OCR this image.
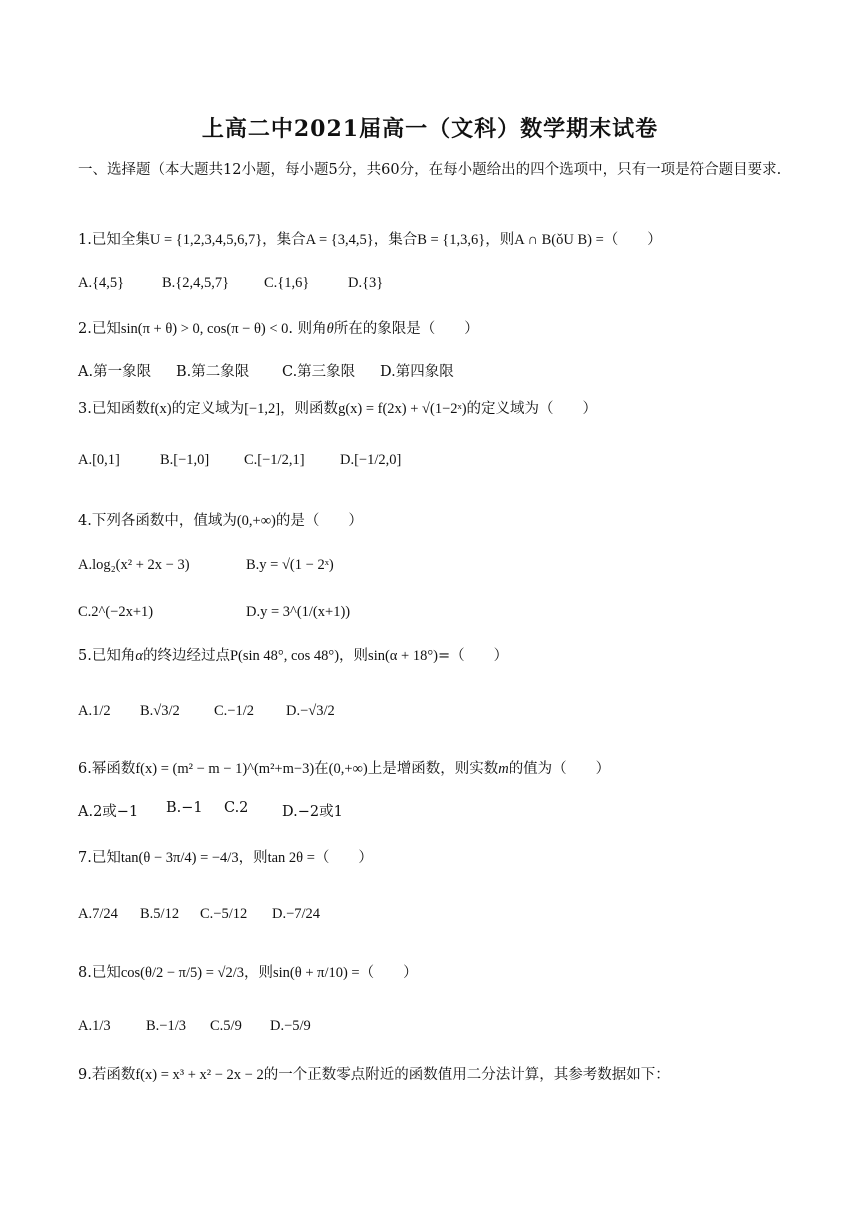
上高二中2021届高一（文科）数学期末试卷
一、选择题（本大题共12小题，每小题5分，共60分，在每小题给出的四个选项中，只有一项是符合题目要求.
1.已知全集U = {1,2,3,4,5,6,7}，集合A = {3,4,5}，集合B = {1,3,6}，则A ∩ B(ǒU B) =（　　）
A.{4,5}	B.{2,4,5,7} C.{1,6}	D.{3}
2.已知sin(π + θ) > 0, cos(π − θ) < 0. 则角θ所在的象限是（　　）
A.第一象限 B.第二象限 C.第三象限 D.第四象限
3.已知函数f(x)的定义域为[−1,2]，则函数g(x) = f(2x) + √(1−2ˣ)的定义域为（　　）
A.[0,1]	B.[−1,0] C.[−1/2,1] D.[−1/2,0]
4.下列各函数中，值域为(0,+∞)的是（　　）
A.log₂(x² + 2x − 3)	B.y = √(1 − 2ˣ)
C.2^(−2x+1)	D.y = 3^(1/(x+1))
5.已知角α的终边经过点P(sin 48°, cos 48°)，则sin(α + 18°)=（　　）
A.1/2 B.√3/2 C.−1/2 D.−√3/2
6.幂函数f(x) = (m² − m − 1)^(m²+m−3)在(0,+∞)上是增函数，则实数m的值为（　　）
A.2或−1 B.−1 C.2 D.−2或1
7.已知tan(θ − 3π/4) = −4/3，则tan 2θ =（　　）
A.7/24 B.5/12 C.−5/12 D.−7/24
8.已知cos(θ/2 − π/5) = √2/3，则sin(θ + π/10) =（　　）
A.1/3 B.−1/3 C.5/9 D.−5/9
9.若函数f(x) = x³ + x² − 2x − 2的一个正数零点附近的函数值用二分法计算，其参考数据如下：
